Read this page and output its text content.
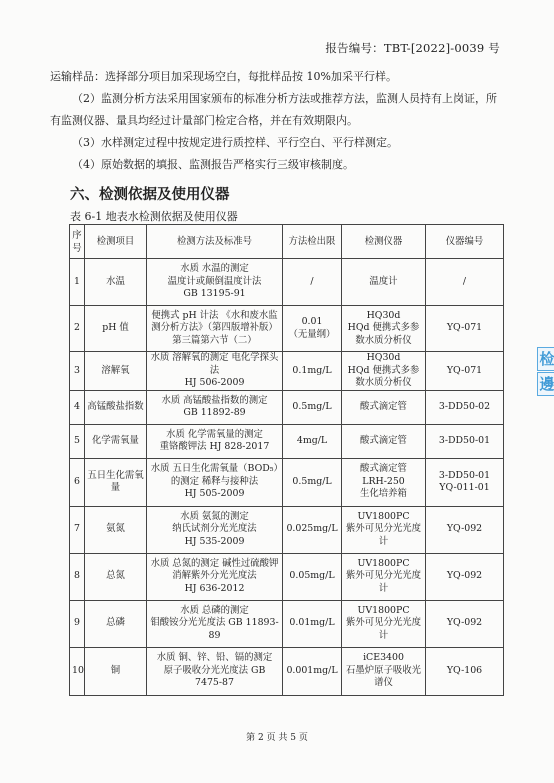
报告编号：TBT-[2022]-0039 号

运输样品：选择部分项目加采现场空白，每批样品按 10%加采平行样。

（2）监测分析方法采用国家颁布的标准分析方法或推荐方法，监测人员持有上岗证，所有监测仪器、量具均经过计量部门检定合格，并在有效期限内。

（3）水样测定过程中按规定进行质控样、平行空白、平行样测定。

（4）原始数据的填报、监测报告严格实行三级审核制度。

六、检测依据及使用仪器
表 6-1 地表水检测依据及使用仪器
序号	检测项目	检测方法及标准号	方法检出限	检测仪器	仪器编号
1	水温	水质 水温的测定
温度计或颠倒温度计法
GB 13195-91	/	温度计	/
2	pH 值	便携式 pH 计法 《水和废水监测分析方法》（第四版增补版）第三篇第六节（二）	0.01
（无量纲）	HQ30d
HQd 便携式多参数水质分析仪	YQ-071
3	溶解氧	水质 溶解氧的测定 电化学探头法
HJ 506-2009	0.1mg/L	HQ30d
HQd 便携式多参数水质分析仪	YQ-071
4	高锰酸盐指数	水质 高锰酸盐指数的测定
GB 11892-89	0.5mg/L	酸式滴定管	3-DD50-02
5	化学需氧量	水质 化学需氧量的测定
重铬酸钾法 HJ 828-2017	4mg/L	酸式滴定管	3-DD50-01
6	五日生化需氧量	水质 五日生化需氧量（BOD₅）的测定 稀释与接种法
HJ 505-2009	0.5mg/L	酸式滴定管
LRH-250
生化培养箱	3-DD50-01
YQ-011-01
7	氨氮	水质 氨氮的测定
纳氏试剂分光光度法
HJ 535-2009	0.025mg/L	UV1800PC
紫外可见分光光度计	YQ-092
8	总氮	水质 总氮的测定 碱性过硫酸钾消解紫外分光光度法
HJ 636-2012	0.05mg/L	UV1800PC
紫外可见分光光度计	YQ-092
9	总磷	水质 总磷的测定
钼酸铵分光光度法 GB 11893-89	0.01mg/L	UV1800PC
紫外可见分光光度计	YQ-092
10	铜	水质 铜、锌、铅、镉的测定
原子吸收分光光度法 GB 7475-87	0.001mg/L	iCE3400
石墨炉原子吸收光谱仪	YQ-106
检
邊
第 2 页 共 5 页
